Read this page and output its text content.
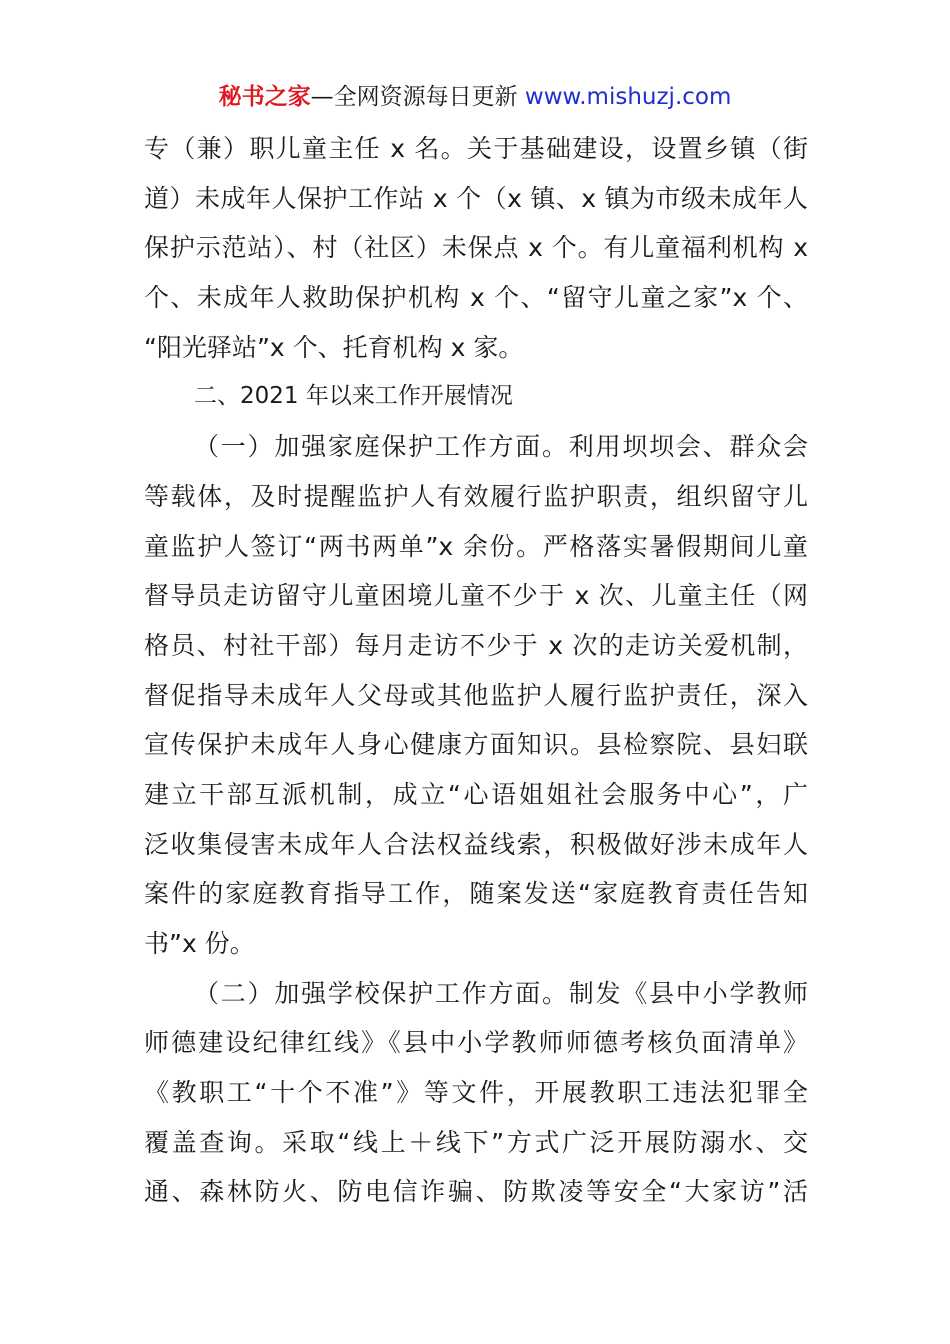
秘书之家—全网资源每日更新 www.mishuzj.com
专（兼）职儿童主任 x 名。关于基础建设，设置乡镇（街
道）未成年人保护工作站 x 个（x 镇、x 镇为市级未成年人
保护示范站）、村（社区）未保点 x 个。有儿童福利机构 x
个、未成年人救助保护机构 x 个、“留守儿童之家”x 个、
“阳光驿站”x 个、托育机构 x 家。
二、2021 年以来工作开展情况
（一）加强家庭保护工作方面。利用坝坝会、群众会
等载体，及时提醒监护人有效履行监护职责，组织留守儿
童监护人签订“两书两单”x 余份。严格落实暑假期间儿童
督导员走访留守儿童困境儿童不少于 x 次、儿童主任（网
格员、村社干部）每月走访不少于 x 次的走访关爱机制，
督促指导未成年人父母或其他监护人履行监护责任，深入
宣传保护未成年人身心健康方面知识。县检察院、县妇联
建立干部互派机制，成立“心语姐姐社会服务中心”，广
泛收集侵害未成年人合法权益线索，积极做好涉未成年人
案件的家庭教育指导工作，随案发送“家庭教育责任告知
书”x 份。
（二）加强学校保护工作方面。制发《县中小学教师
师德建设纪律红线》《县中小学教师师德考核负面清单》
《教职工“十个不准”》等文件，开展教职工违法犯罪全
覆盖查询。采取“线上＋线下”方式广泛开展防溺水、交
通、森林防火、防电信诈骗、防欺凌等安全“大家访”活
